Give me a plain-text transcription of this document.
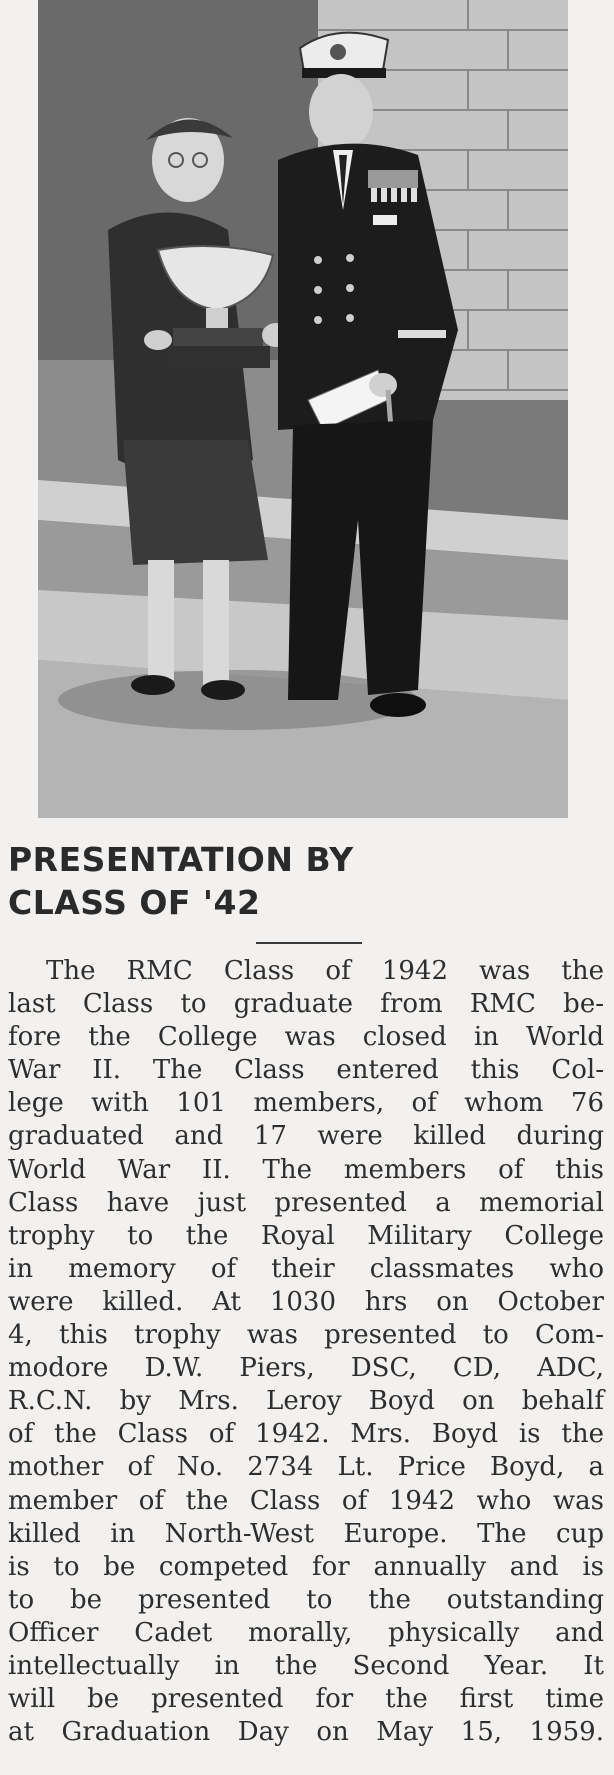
PRESENTATION BY
CLASS OF '42
The RMC Class of 1942 was the
last Class to graduate from RMC be-
fore the College was closed in World
War II. The Class entered this Col-
lege with 101 members, of whom 76
graduated and 17 were killed during
World War II. The members of this
Class have just presented a memorial
trophy to the Royal Military College
in memory of their classmates who
were killed. At 1030 hrs on October
4, this trophy was presented to Com-
modore D.W. Piers, DSC, CD, ADC,
R.C.N. by Mrs. Leroy Boyd on behalf
of the Class of 1942. Mrs. Boyd is the
mother of No. 2734 Lt. Price Boyd, a
member of the Class of 1942 who was
killed in North-West Europe. The cup
is to be competed for annually and is
to be presented to the outstanding
Officer Cadet morally, physically and
intellectually in the Second Year. It
will be presented for the first time
at Graduation Day on May 15, 1959.
